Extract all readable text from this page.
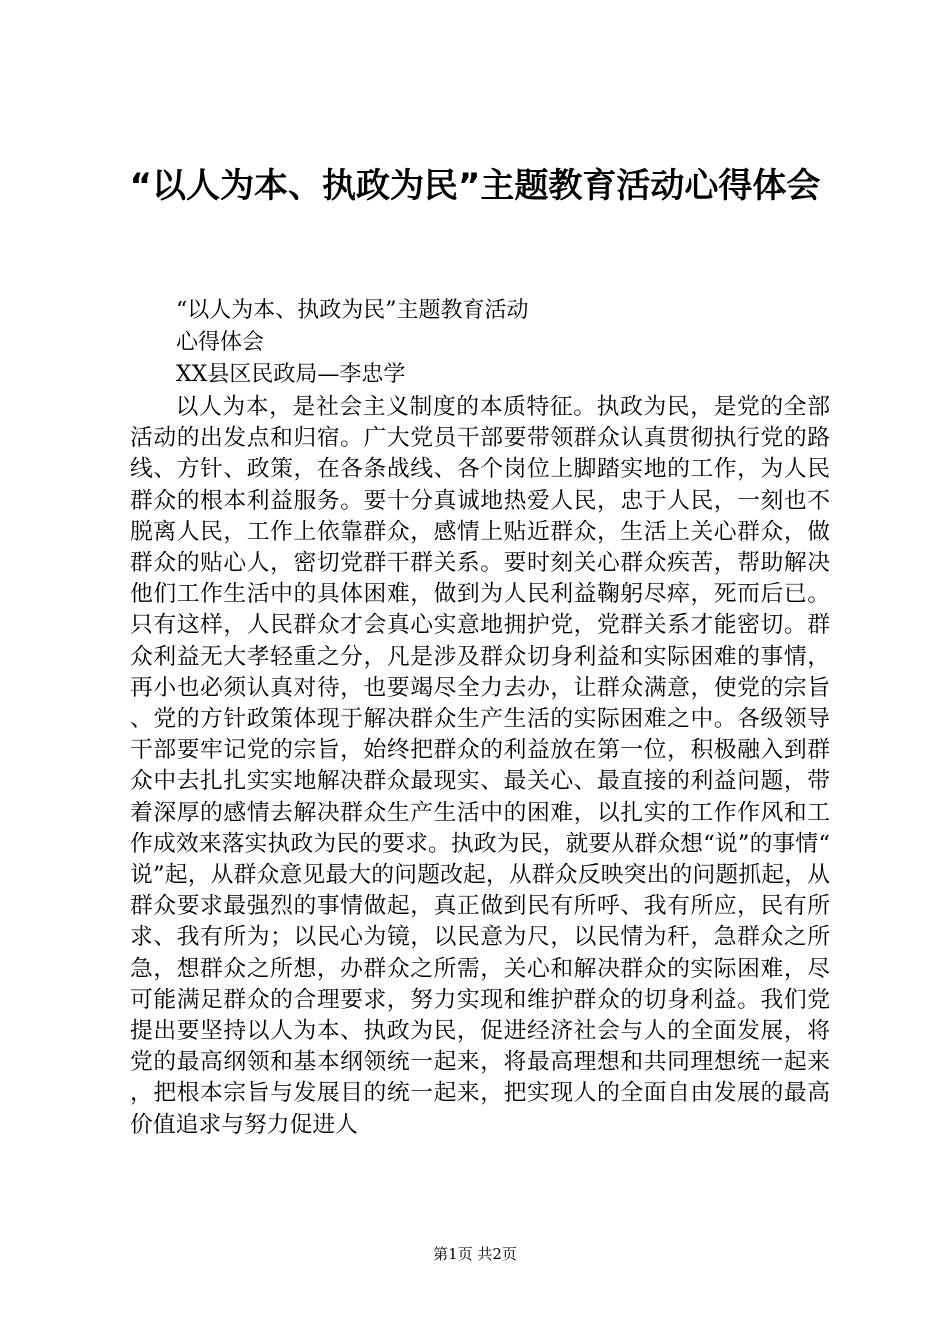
“以人为本、执政为民”主题教育活动心得体会

“以人为本、执政为民”主题教育活动

心得体会

XX县区民政局—李忠学

以人为本，是社会主义制度的本质特征。执政为民，是党的全部活动的出发点和归宿。广大党员干部要带领群众认真贯彻执行党的路线、方针、政策，在各条战线、各个岗位上脚踏实地的工作，为人民群众的根本利益服务。要十分真诚地热爱人民，忠于人民，一刻也不脱离人民，工作上依靠群众，感情上贴近群众，生活上关心群众，做群众的贴心人，密切党群干群关系。要时刻关心群众疾苦，帮助解决他们工作生活中的具体困难，做到为人民利益鞠躬尽瘁，死而后已。只有这样，人民群众才会真心实意地拥护党，党群关系才能密切。群众利益无大孝轻重之分，凡是涉及群众切身利益和实际困难的事情，再小也必须认真对待，也要竭尽全力去办，让群众满意，使党的宗旨、党的方针政策体现于解决群众生产生活的实际困难之中。各级领导干部要牢记党的宗旨，始终把群众的利益放在第一位，积极融入到群众中去扎扎实实地解决群众最现实、最关心、最直接的利益问题，带着深厚的感情去解决群众生产生活中的困难，以扎实的工作作风和工作成效来落实执政为民的要求。执政为民，就要从群众想“说”的事情“说”起，从群众意见最大的问题改起，从群众反映突出的问题抓起，从群众要求最强烈的事情做起，真正做到民有所呼、我有所应，民有所求、我有所为；以民心为镜，以民意为尺，以民情为秆，急群众之所急，想群众之所想，办群众之所需，关心和解决群众的实际困难，尽可能满足群众的合理要求，努力实现和维护群众的切身利益。我们党提出要坚持以人为本、执政为民，促进经济社会与人的全面发展，将党的最高纲领和基本纲领统一起来，将最高理想和共同理想统一起来，把根本宗旨与发展目的统一起来，把实现人的全面自由发展的最高价值追求与努力促进人

第1页 共2页
